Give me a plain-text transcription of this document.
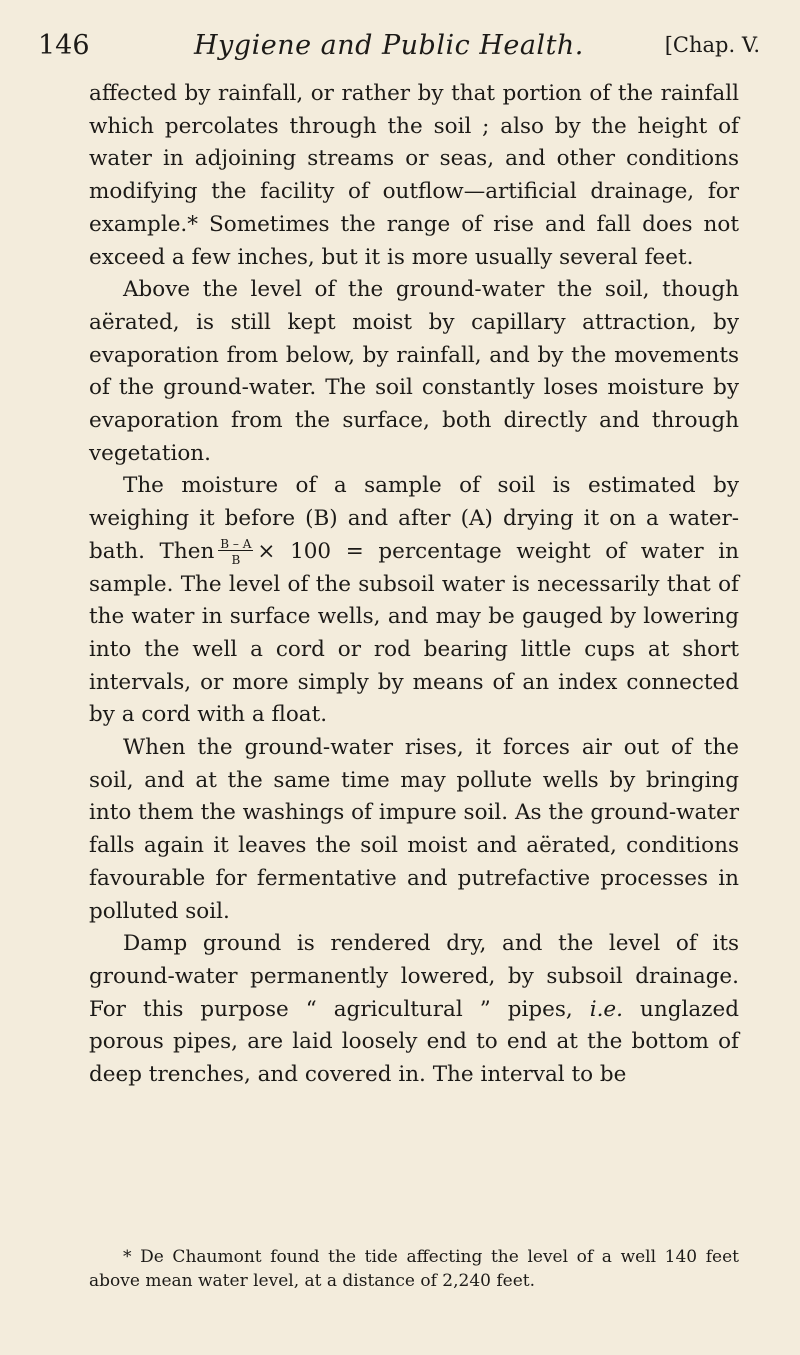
146	Hygiene and Public Health.	[Chap. V.

affected by rainfall, or rather by that portion of the rainfall which percolates through the soil ; also by the height of water in adjoining streams or seas, and other conditions modifying the facility of outflow—artificial drainage, for example.* Sometimes the range of rise and fall does not exceed a few inches, but it is more usually several feet.

Above the level of the ground-water the soil, though aërated, is still kept moist by capillary attraction, by evaporation from below, by rainfall, and by the movements of the ground-water. The soil constantly loses moisture by evaporation from the surface, both directly and through vegetation.

The moisture of a sample of soil is estimated by weighing it before (B) and after (A) drying it on a water-bath. Then $\frac{B - A}{B} \times 100$ = percentage weight of water in sample. The level of the subsoil water is necessarily that of the water in surface wells, and may be gauged by lowering into the well a cord or rod bearing little cups at short intervals, or more simply by means of an index connected by a cord with a float.

When the ground-water rises, it forces air out of the soil, and at the same time may pollute wells by bringing into them the washings of impure soil. As the ground-water falls again it leaves the soil moist and aërated, conditions favourable for fermentative and putrefactive processes in polluted soil.

Damp ground is rendered dry, and the level of its ground-water permanently lowered, by subsoil drainage. For this purpose “ agricultural ” pipes, i.e. unglazed porous pipes, are laid loosely end to end at the bottom of deep trenches, and covered in. The interval to be

* De Chaumont found the tide affecting the level of a well 140 feet above mean water level, at a distance of 2,240 feet.
